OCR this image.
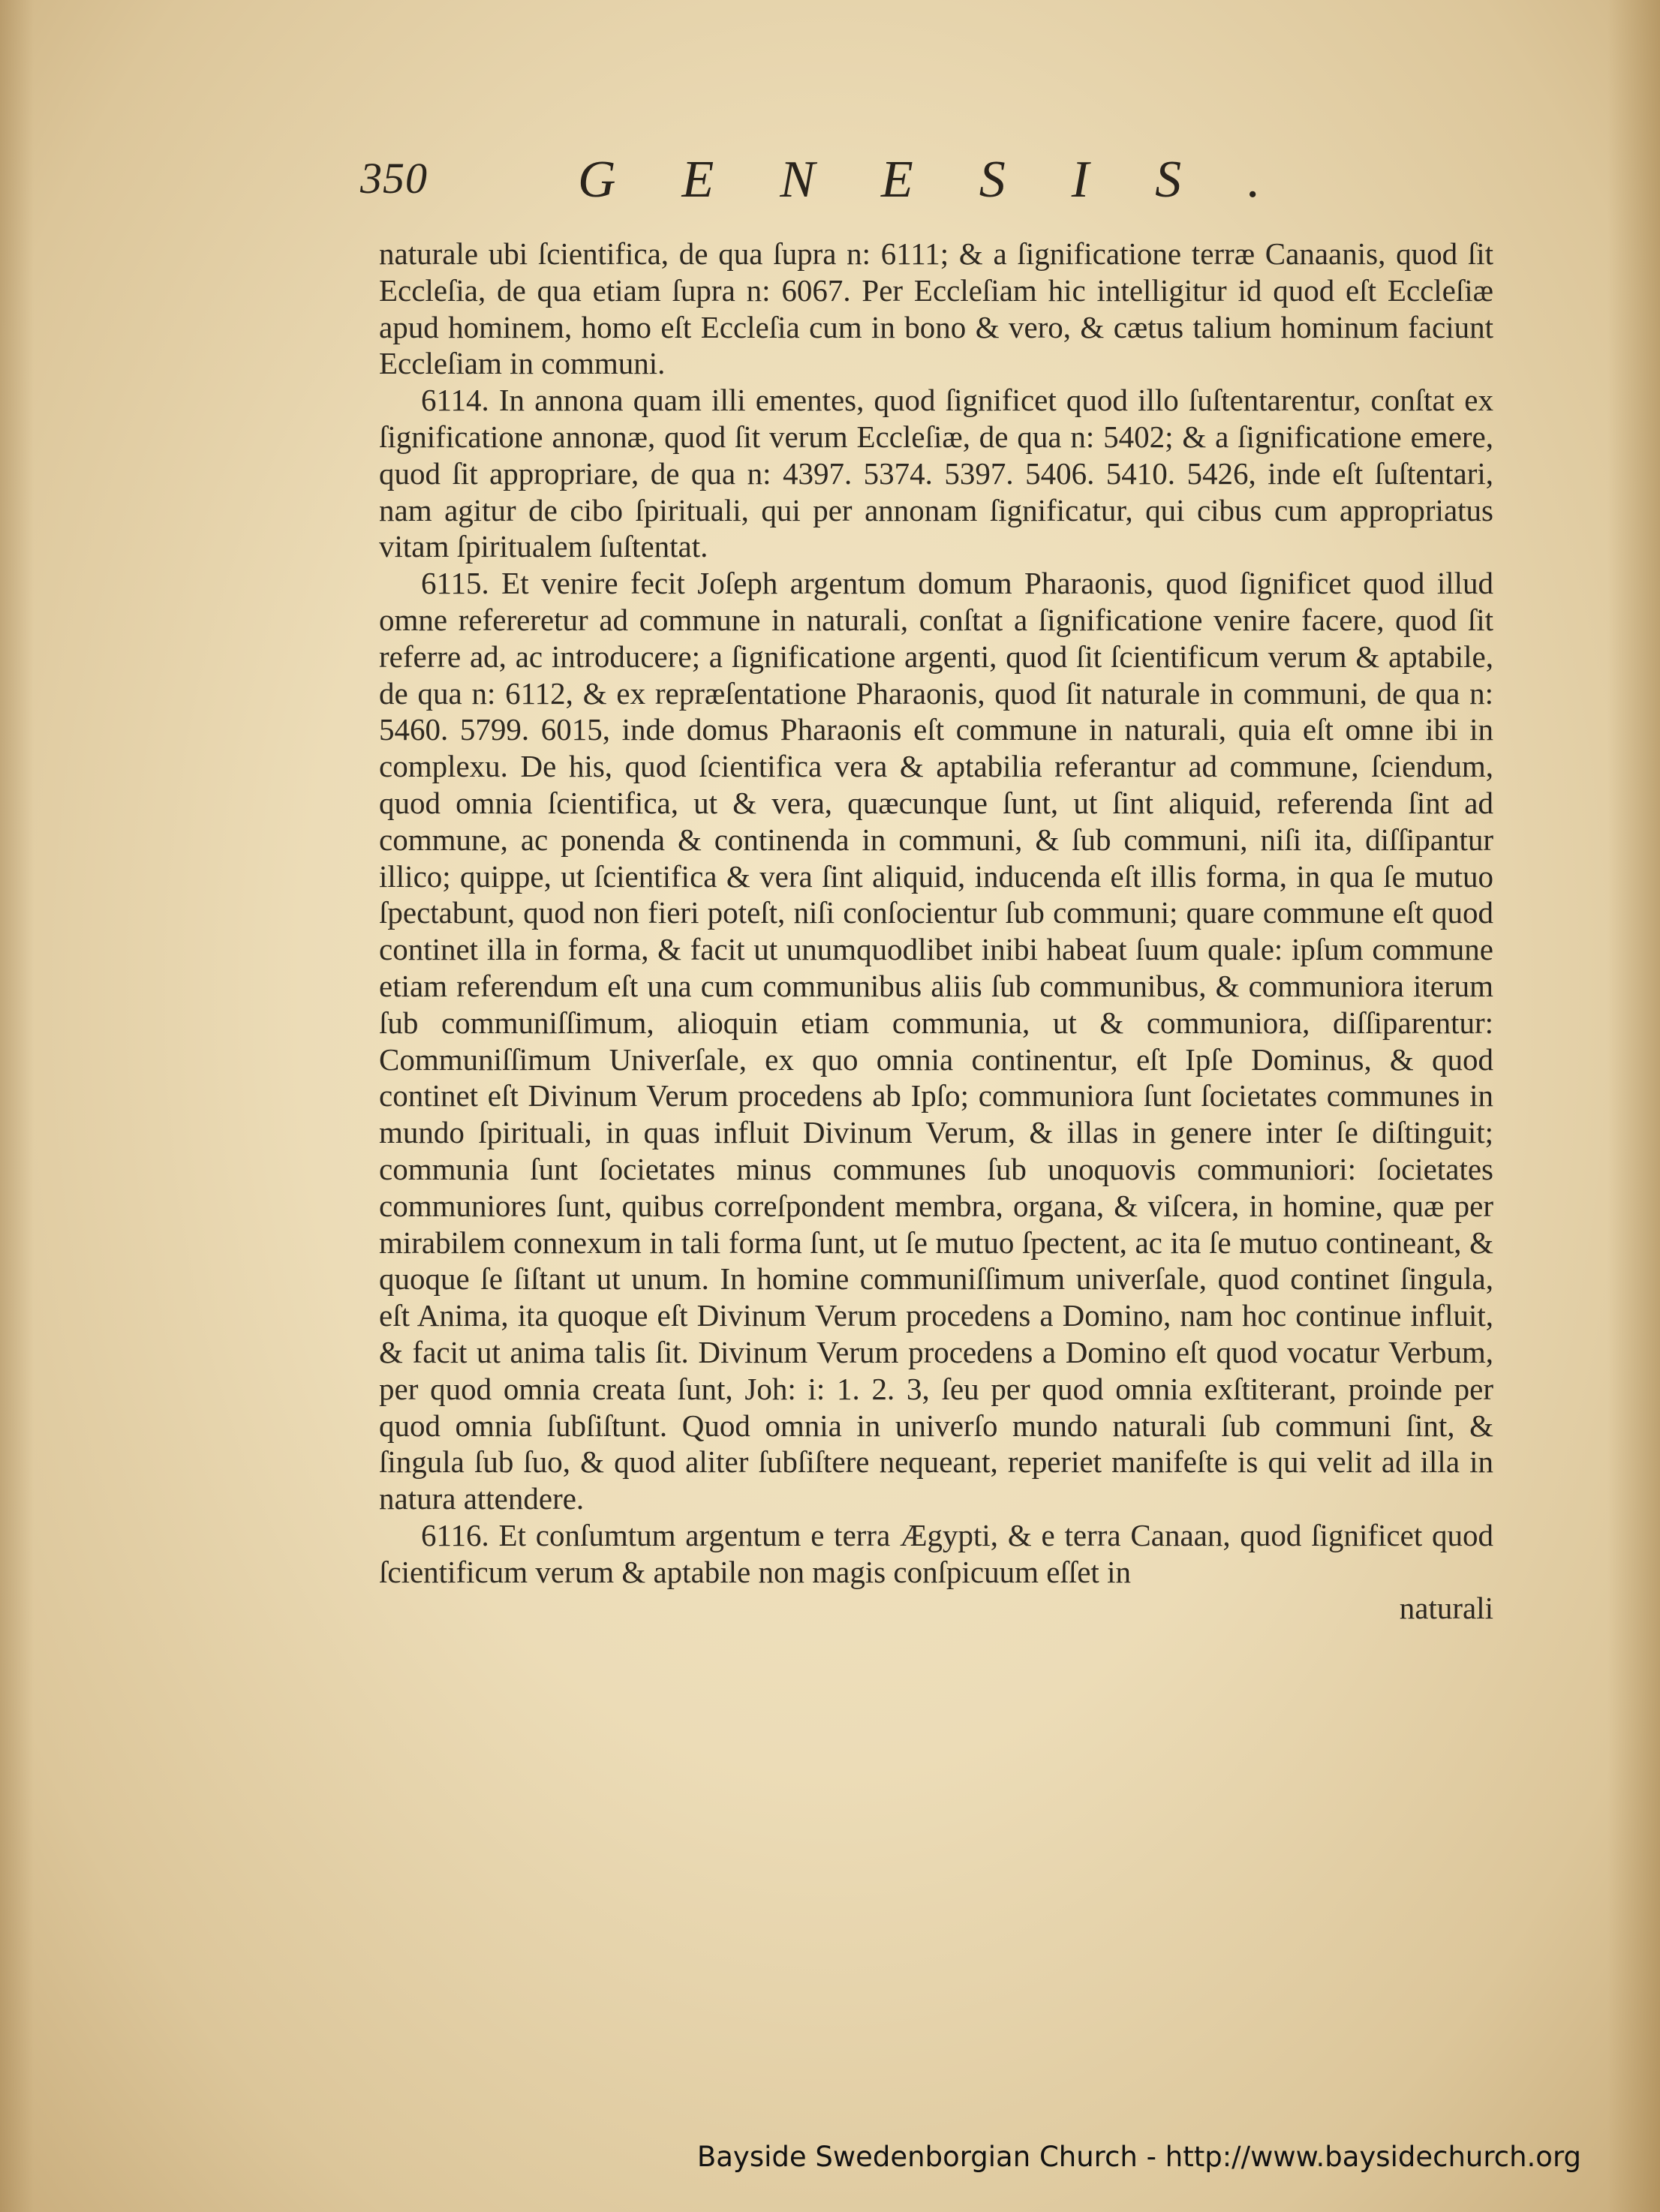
350	GENESIS.

naturale ubi ſcientifica, de qua ſupra n: 6111; & a ſignificatione terræ Canaanis, quod ſit Eccleſia, de qua etiam ſupra n: 6067. Per Eccleſiam hic intelligitur id quod eſt Eccleſiæ apud hominem, homo eſt Eccleſia cum in bono & vero, & cætus talium hominum faciunt Eccleſiam in communi.

6114. In annona quam illi ementes, quod ſignificet quod illo ſuſtentarentur, conſtat ex ſignificatione annonæ, quod ſit verum Eccleſiæ, de qua n: 5402; & a ſignificatione emere, quod ſit appropriare, de qua n: 4397. 5374. 5397. 5406. 5410. 5426, inde eſt ſuſtentari, nam agitur de cibo ſpirituali, qui per annonam ſignificatur, qui cibus cum appropriatus vitam ſpiritualem ſuſtentat.

6115. Et venire fecit Joſeph argentum domum Pharaonis, quod ſignificet quod illud omne refereretur ad commune in naturali, conſtat a ſignificatione venire facere, quod ſit referre ad, ac introducere; a ſignificatione argenti, quod ſit ſcientificum verum & aptabile, de qua n: 6112, & ex repræſentatione Pharaonis, quod ſit naturale in communi, de qua n: 5460. 5799. 6015, inde domus Pharaonis eſt commune in naturali, quia eſt omne ibi in complexu. De his, quod ſcientifica vera & aptabilia referantur ad commune, ſciendum, quod omnia ſcientifica, ut & vera, quæcunque ſunt, ut ſint aliquid, referenda ſint ad commune, ac ponenda & continenda in communi, & ſub communi, niſi ita, diſſipantur illico; quippe, ut ſcientifica & vera ſint aliquid, inducenda eſt illis forma, in qua ſe mutuo ſpectabunt, quod non fieri poteſt, niſi conſocientur ſub communi; quare commune eſt quod continet illa in forma, & facit ut unumquodlibet inibi habeat ſuum quale: ipſum commune etiam referendum eſt una cum communibus aliis ſub communibus, & communiora iterum ſub communiſſimum, alioquin etiam communia, ut & communiora, diſſiparentur: Communiſſimum Univerſale, ex quo omnia continentur, eſt Ipſe Dominus, & quod continet eſt Divinum Verum procedens ab Ipſo; communiora ſunt ſocietates communes in mundo ſpirituali, in quas influit Divinum Verum, & illas in genere inter ſe diſtinguit; communia ſunt ſocietates minus communes ſub unoquovis communiori: ſocietates communiores ſunt, quibus correſpondent membra, organa, & viſcera, in homine, quæ per mirabilem connexum in tali forma ſunt, ut ſe mutuo ſpectent, ac ita ſe mutuo contineant, & quoque ſe ſiſtant ut unum. In homine communiſſimum univerſale, quod continet ſingula, eſt Anima, ita quoque eſt Divinum Verum procedens a Domino, nam hoc continue influit, & facit ut anima talis ſit. Divinum Verum procedens a Domino eſt quod vocatur Verbum, per quod omnia creata ſunt, Joh: i: 1. 2. 3, ſeu per quod omnia exſtiterant, proinde per quod omnia ſubſiſtunt. Quod omnia in univerſo mundo naturali ſub communi ſint, & ſingula ſub ſuo, & quod aliter ſubſiſtere nequeant, reperiet manifeſte is qui velit ad illa in natura attendere.

6116. Et conſumtum argentum e terra Ægypti, & e terra Canaan, quod ſignificet quod ſcientificum verum & aptabile non magis conſpicuum eſſet in

naturali

Bayside Swedenborgian Church - http://www.baysidechurch.org
